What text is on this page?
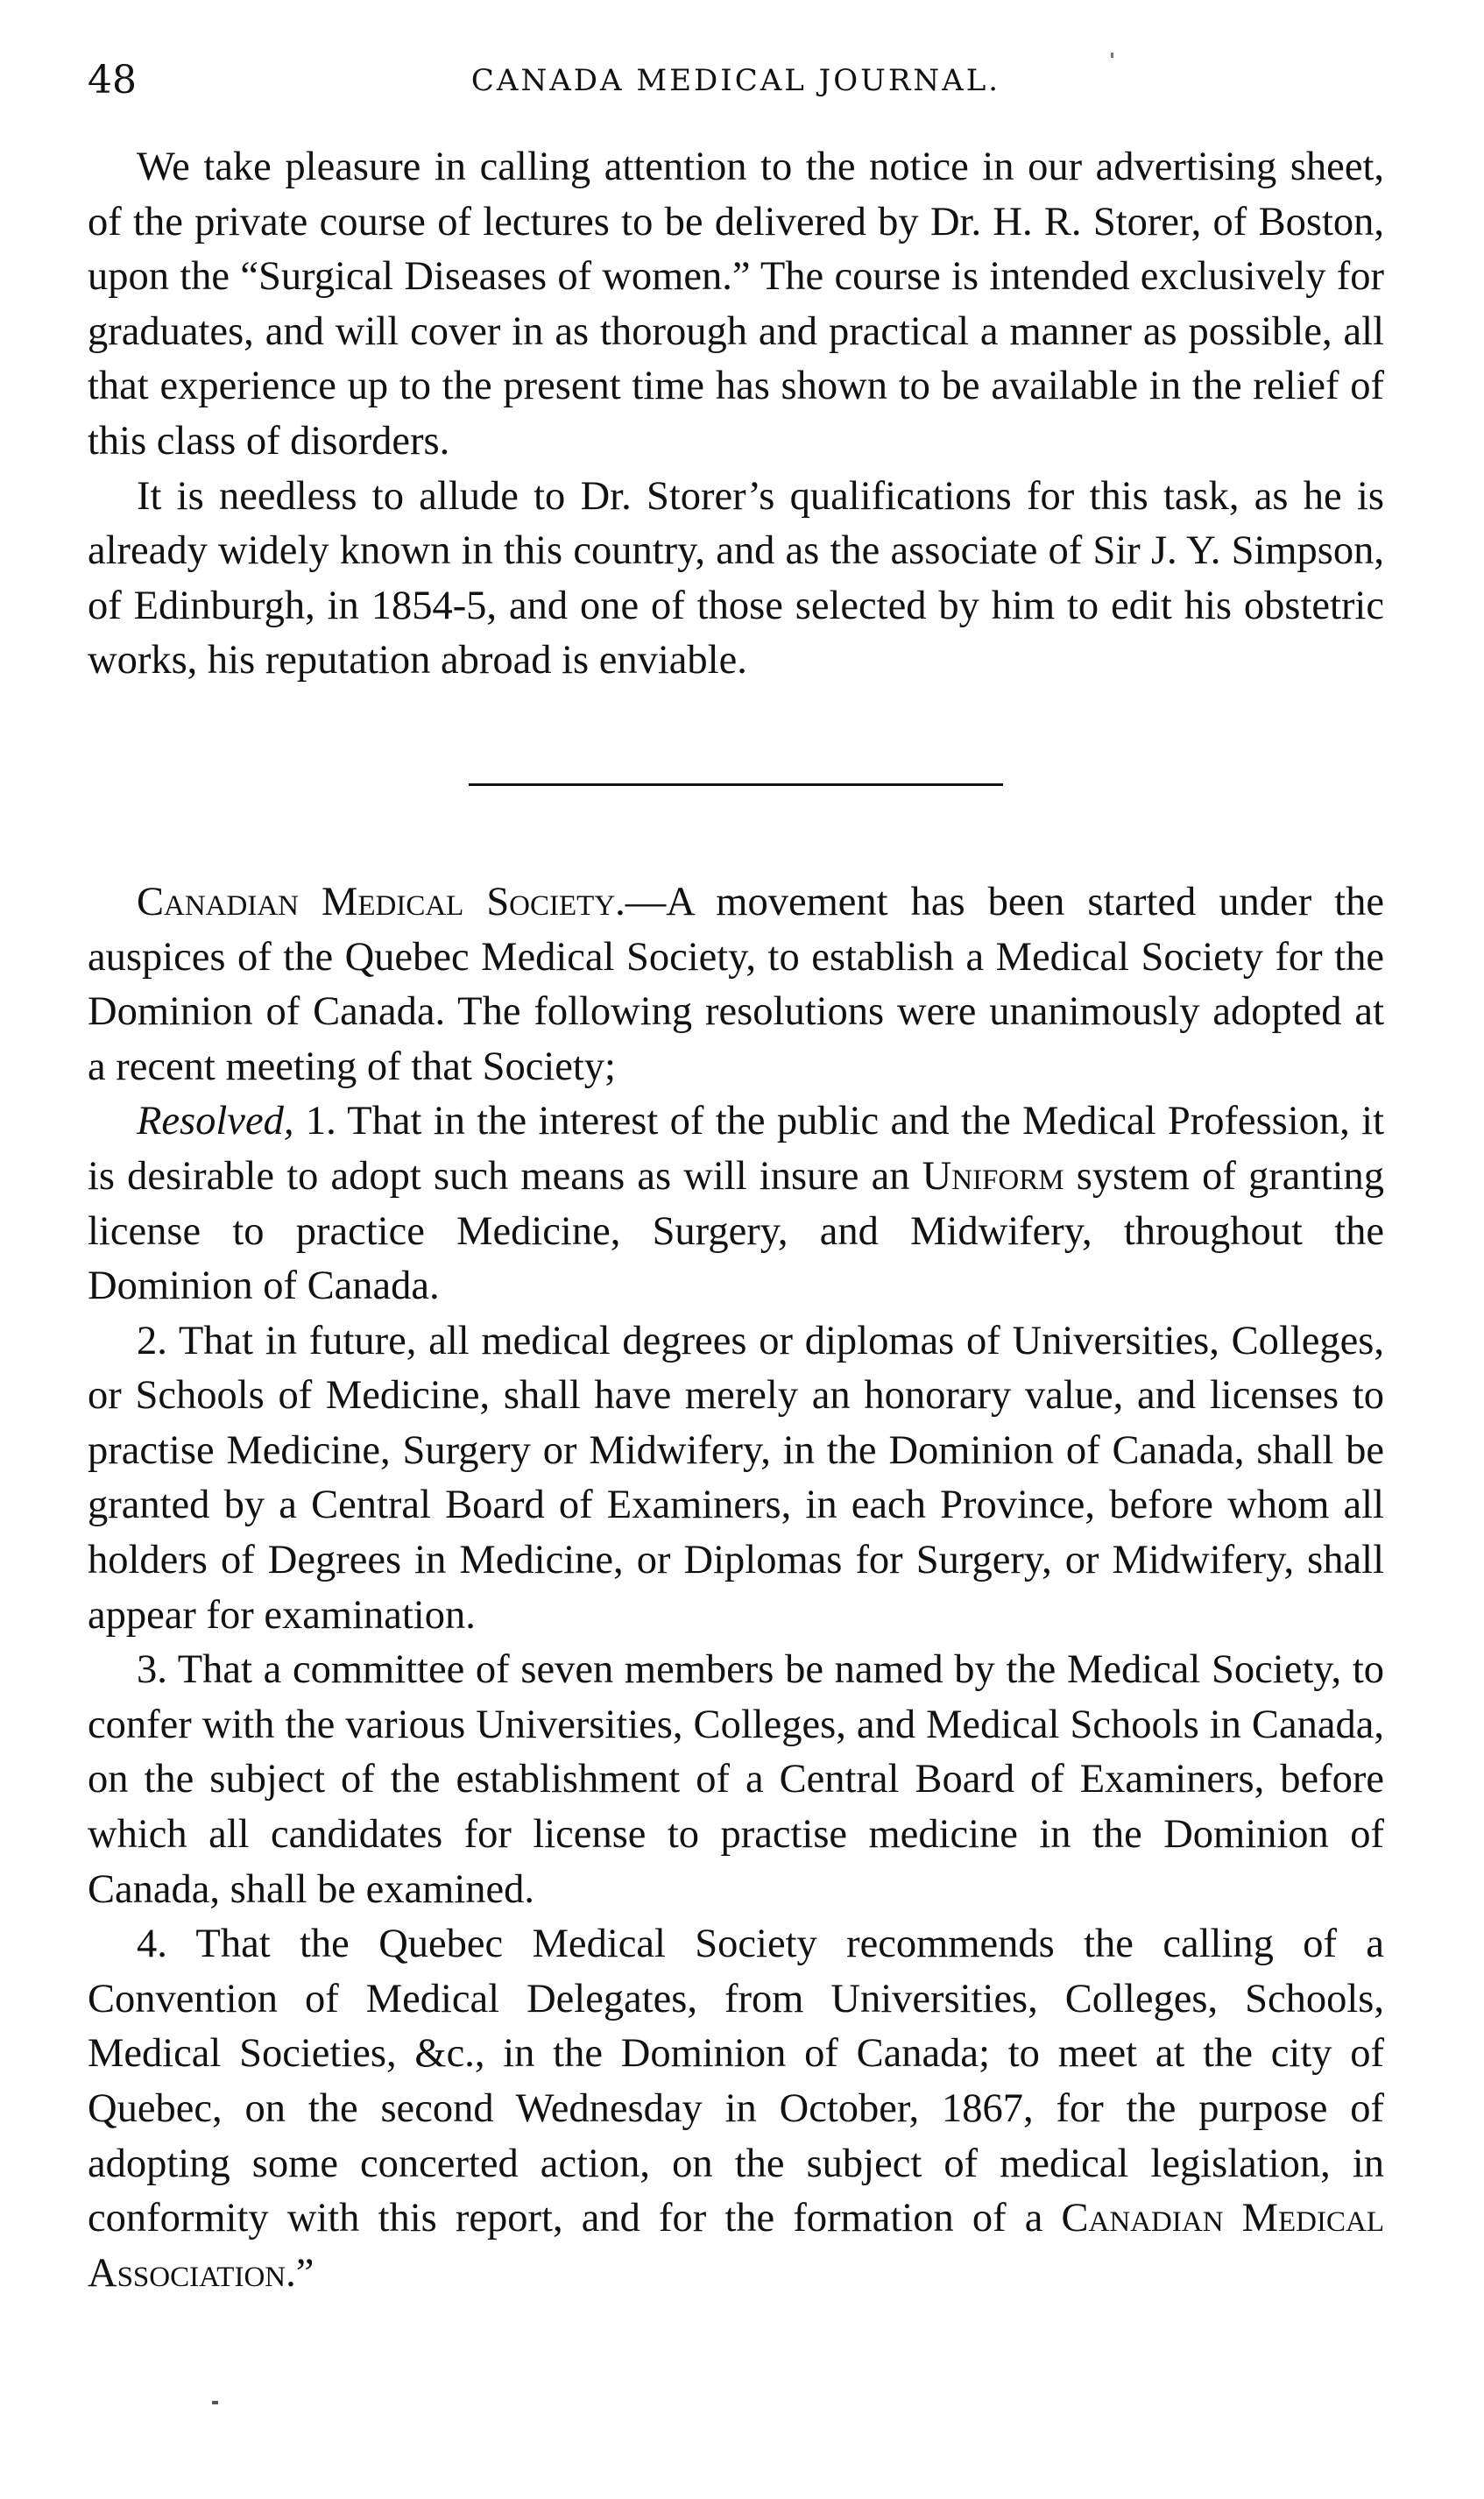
48	CANADA MEDICAL JOURNAL.

We take pleasure in calling attention to the notice in our advertising sheet, of the private course of lectures to be delivered by Dr. H. R. Storer, of Boston, upon the “Surgical Diseases of women.” The course is intended exclusively for graduates, and will cover in as thorough and practical a manner as possible, all that experience up to the present time has shown to be available in the relief of this class of disorders.

It is needless to allude to Dr. Storer’s qualifications for this task, as he is already widely known in this country, and as the associate of Sir J. Y. Simpson, of Edinburgh, in 1854-5, and one of those selected by him to edit his obstetric works, his reputation abroad is enviable.

Canadian Medical Society.—A movement has been started under the auspices of the Quebec Medical Society, to establish a Medical Society for the Dominion of Canada. The following resolutions were unanimously adopted at a recent meeting of that Society;

Resolved, 1. That in the interest of the public and the Medical Profession, it is desirable to adopt such means as will insure an Uniform system of granting license to practice Medicine, Surgery, and Midwifery, throughout the Dominion of Canada.

2. That in future, all medical degrees or diplomas of Universities, Colleges, or Schools of Medicine, shall have merely an honorary value, and licenses to practise Medicine, Surgery or Midwifery, in the Dominion of Canada, shall be granted by a Central Board of Examiners, in each Province, before whom all holders of Degrees in Medicine, or Diplomas for Surgery, or Midwifery, shall appear for examination.

3. That a committee of seven members be named by the Medical Society, to confer with the various Universities, Colleges, and Medical Schools in Canada, on the subject of the establishment of a Central Board of Examiners, before which all candidates for license to practise medicine in the Dominion of Canada, shall be examined.

4. That the Quebec Medical Society recommends the calling of a Convention of Medical Delegates, from Universities, Colleges, Schools, Medical Societies, &c., in the Dominion of Canada; to meet at the city of Quebec, on the second Wednesday in October, 1867, for the purpose of adopting some concerted action, on the subject of medical legislation, in conformity with this report, and for the formation of a Canadian Medical Association.”
